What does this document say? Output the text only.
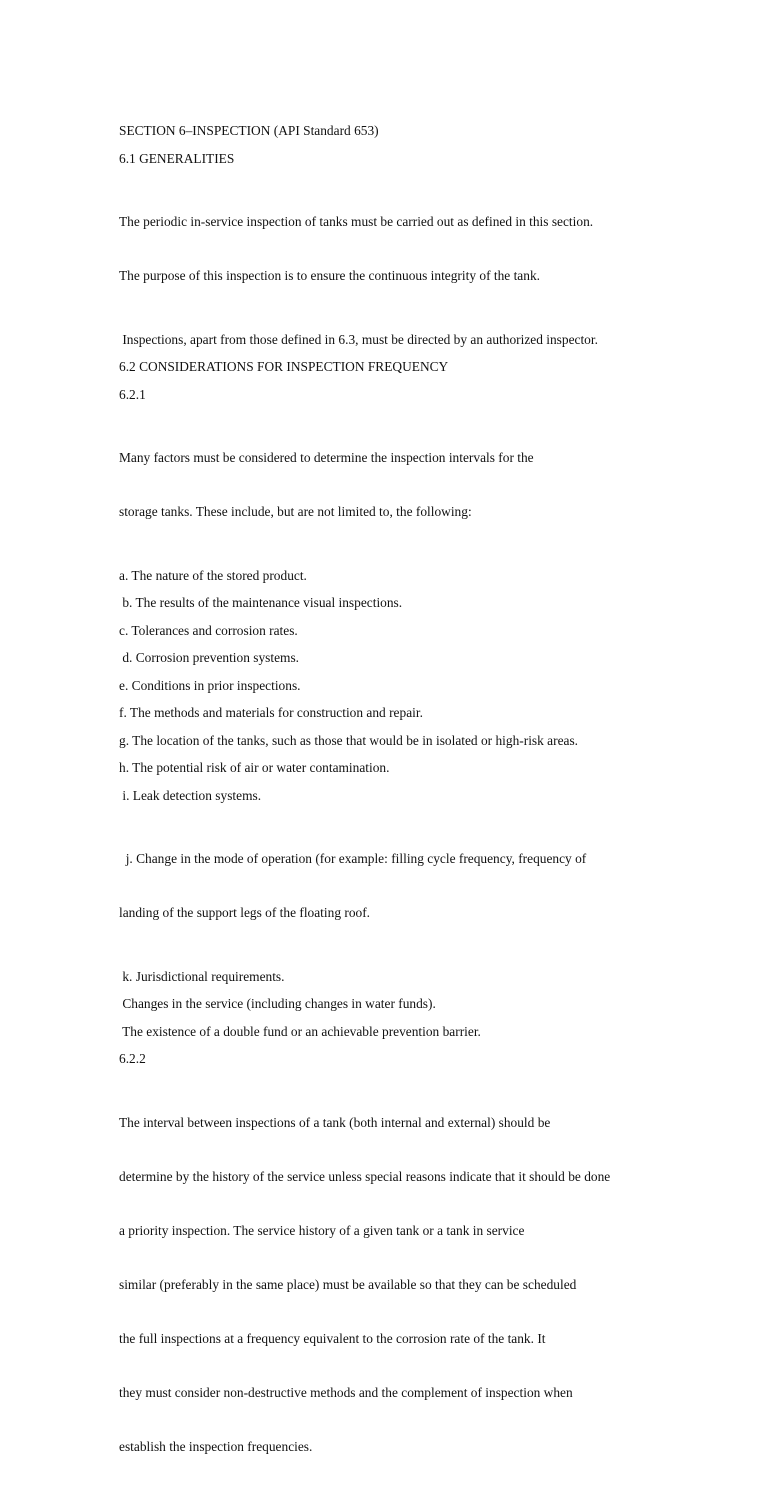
SECTION 6–INSPECTION (API Standard 653)
6.1 GENERALITIES

The periodic in-service inspection of tanks must be carried out as defined in this section.

The purpose of this inspection is to ensure the continuous integrity of the tank.

Inspections, apart from those defined in 6.3, must be directed by an authorized inspector.
6.2 CONSIDERATIONS FOR INSPECTION FREQUENCY
6.2.1

Many factors must be considered to determine the inspection intervals for the

storage tanks. These include, but are not limited to, the following:

a. The nature of the stored product.
b. The results of the maintenance visual inspections.
c. Tolerances and corrosion rates.
d. Corrosion prevention systems.
e. Conditions in prior inspections.
f. The methods and materials for construction and repair.
g. The location of the tanks, such as those that would be in isolated or high-risk areas.
h. The potential risk of air or water contamination.
i. Leak detection systems.

j. Change in the mode of operation (for example: filling cycle frequency, frequency of

landing of the support legs of the floating roof.

k. Jurisdictional requirements.
Changes in the service (including changes in water funds).
The existence of a double fund or an achievable prevention barrier.
6.2.2

The interval between inspections of a tank (both internal and external) should be

determine by the history of the service unless special reasons indicate that it should be done

a priority inspection. The service history of a given tank or a tank in service

similar (preferably in the same place) must be available so that they can be scheduled

the full inspections at a frequency equivalent to the corrosion rate of the tank. It

they must consider non-destructive methods and the complement of inspection when

establish the inspection frequencies.
